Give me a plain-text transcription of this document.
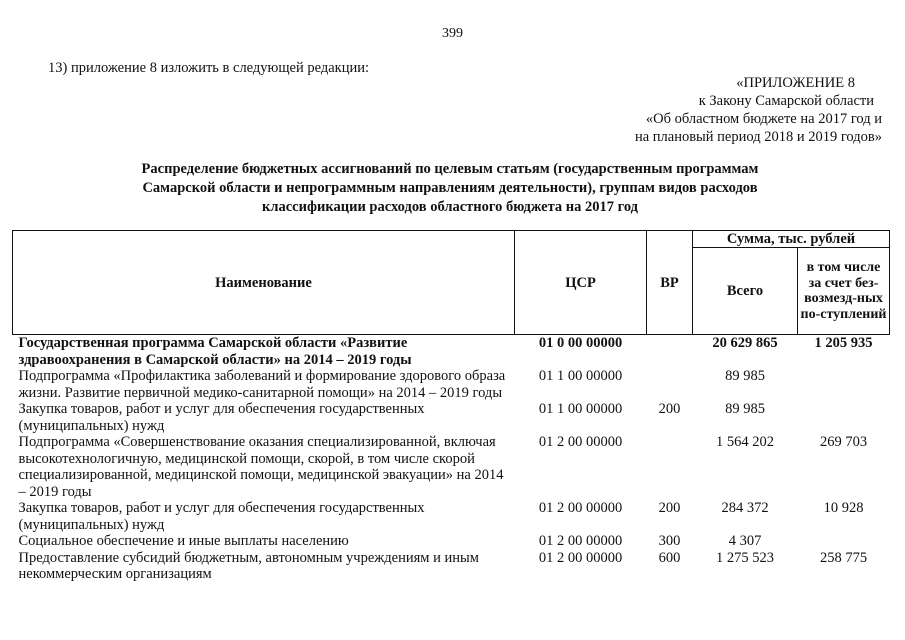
399
13) приложение 8 изложить в следующей редакции:
«ПРИЛОЖЕНИЕ 8
к Закону Самарской области
«Об областном бюджете на 2017 год и
на плановый период 2018 и 2019 годов»
Распределение бюджетных ассигнований по целевым статьям (государственным программам
Самарской области и непрограммным направлениям деятельности), группам видов расходов
классификации расходов областного бюджета на 2017 год
Наименование	ЦСР	ВР	Сумма, тыс. рублей	
			Всего	в том числе за счет без-возмезд-ных по-ступлений
Государственная программа Самарской области «Развитие здравоохранения в Самарской области» на 2014 – 2019 годы	01 0 00 00000		20 629 865	1 205 935
Подпрограмма «Профилактика заболеваний и формирование здорового образа жизни. Развитие первичной медико-санитарной помощи» на 2014 – 2019 годы	01 1 00 00000		89 985	
Закупка товаров, работ и услуг для обеспечения государственных (муниципальных) нужд	01 1 00 00000	200	89 985	
Подпрограмма «Совершенствование оказания специализированной, включая высокотехнологичную, медицинской помощи, скорой, в том числе скорой специализированной, медицинской помощи, медицинской эвакуации» на 2014 – 2019 годы	01 2 00 00000		1 564 202	269 703
Закупка товаров, работ и услуг для обеспечения государственных (муниципальных) нужд	01 2 00 00000	200	284 372	10 928
Социальное обеспечение и иные выплаты населению	01 2 00 00000	300	4 307	
Предоставление субсидий бюджетным, автономным учреждениям и иным некоммерческим организациям	01 2 00 00000	600	1 275 523	258 775
